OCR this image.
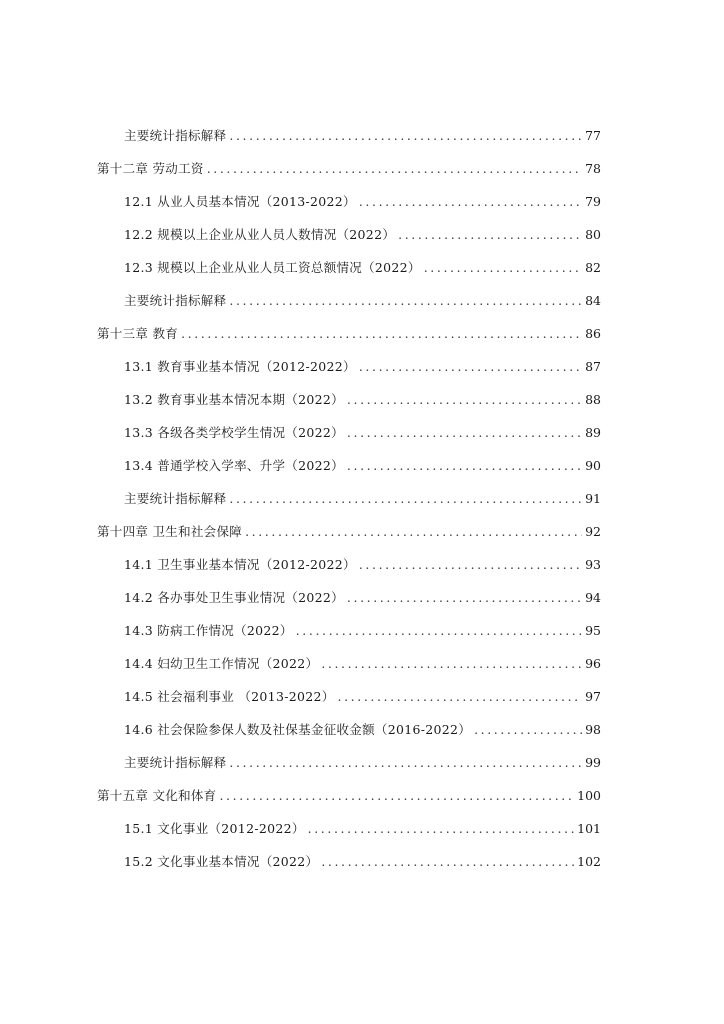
主要统计指标解释 .....	77
第十二章 劳动工资 .....	78
12.1 从业人员基本情况（2013-2022） .....	79
12.2 规模以上企业从业人员人数情况（2022） .....	80
12.3 规模以上企业从业人员工资总额情况（2022） .....	82
主要统计指标解释 .....	84
第十三章 教育 .....	86
13.1 教育事业基本情况（2012-2022） .....	87
13.2 教育事业基本情况本期（2022） .....	88
13.3 各级各类学校学生情况（2022） .....	89
13.4 普通学校入学率、升学（2022） .....	90
主要统计指标解释 .....	91
第十四章 卫生和社会保障 .....	92
14.1 卫生事业基本情况（2012-2022） .....	93
14.2 各办事处卫生事业情况（2022） .....	94
14.3 防病工作情况（2022） .....	95
14.4 妇幼卫生工作情况（2022） .....	96
14.5 社会福利事业 （2013-2022） .....	97
14.6 社会保险参保人数及社保基金征收金额（2016-2022） .....	98
主要统计指标解释 .....	99
第十五章 文化和体育 .....	100
15.1 文化事业（2012-2022） .....	101
15.2 文化事业基本情况（2022） .....	102
